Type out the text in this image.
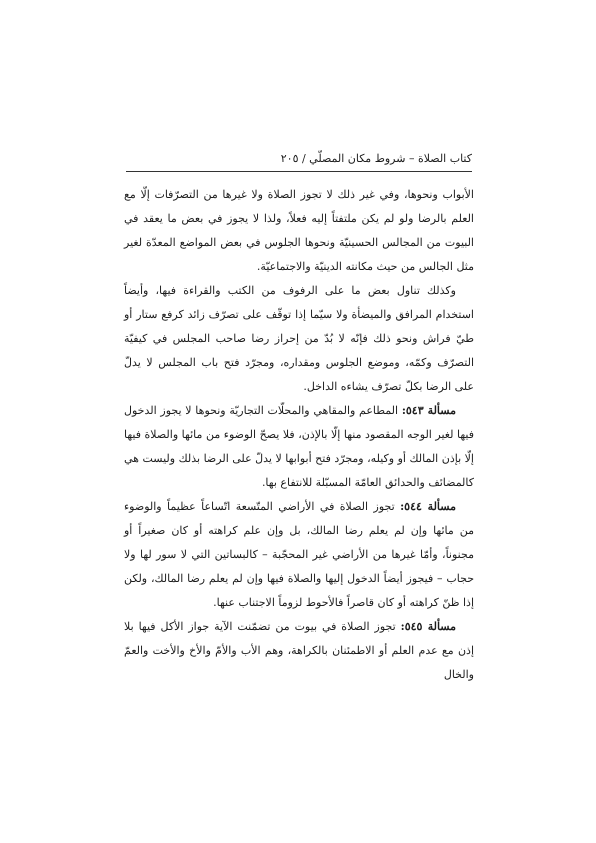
كتاب الصلاة – شروط مكان المصلّي / ٢٠٥

الأبواب ونحوها، وفي غير ذلك لا تجوز الصلاة ولا غيرها من التصرّفات إلّا مع العلم بالرضا ولو لم يكن ملتفتاً إليه فعلاً، ولذا لا يجوز في بعض ما يعقد في البيوت من المجالس الحسينيّة ونحوها الجلوس في بعض المواضع المعدّة لغير مثل الجالس من حيث مكانته الدينيّة والاجتماعيّة.

وكذلك تناول بعض ما على الرفوف من الكتب والقراءة فيها، وأيضاً استخدام المرافق والميضأة ولا سيّما إذا توقّف على تصرّف زائد كرفع ستار أو طيّ فراش ونحو ذلك فإنّه لا بُدّ من إحراز رضا صاحب المجلس في كيفيّة التصرّف وكمّه، وموضع الجلوس ومقداره، ومجرّد فتح باب المجلس لا يدلّ على الرضا بكلّ تصرّف يشاءه الداخل.

مسألة ٥٤٣: المطاعم والمقاهي والمحلّات التجاريّة ونحوها لا يجوز الدخول فيها لغير الوجه المقصود منها إلّا بالإذن، فلا يصحّ الوضوء من مائها والصلاة فيها إلّا بإذن المالك أو وكيله، ومجرّد فتح أبوابها لا يدلّ على الرضا بذلك وليست هي كالمضائف والحدائق العامّة المسبّلة للانتفاع بها.

مسألة ٥٤٤: تجوز الصلاة في الأراضي المتّسعة اتّساعاً عظيماً والوضوء من مائها وإن لم يعلم رضا المالك، بل وإن علم كراهته أو كان صغيراً أو مجنوناً، وأمّا غيرها من الأراضي غير المحجّبة – كالبساتين التي لا سور لها ولا حجاب – فيجوز أيضاً الدخول إليها والصلاة فيها وإن لم يعلم رضا المالك، ولكن إذا ظنّ كراهته أو كان قاصراً فالأحوط لزوماً الاجتناب عنها.

مسألة ٥٤٥: تجوز الصلاة في بيوت من تضمّنت الآية جواز الأكل فيها بلا إذن مع عدم العلم أو الاطمئنان بالكراهة، وهم الأب والأمّ والأخ والأخت والعمّ والخال
